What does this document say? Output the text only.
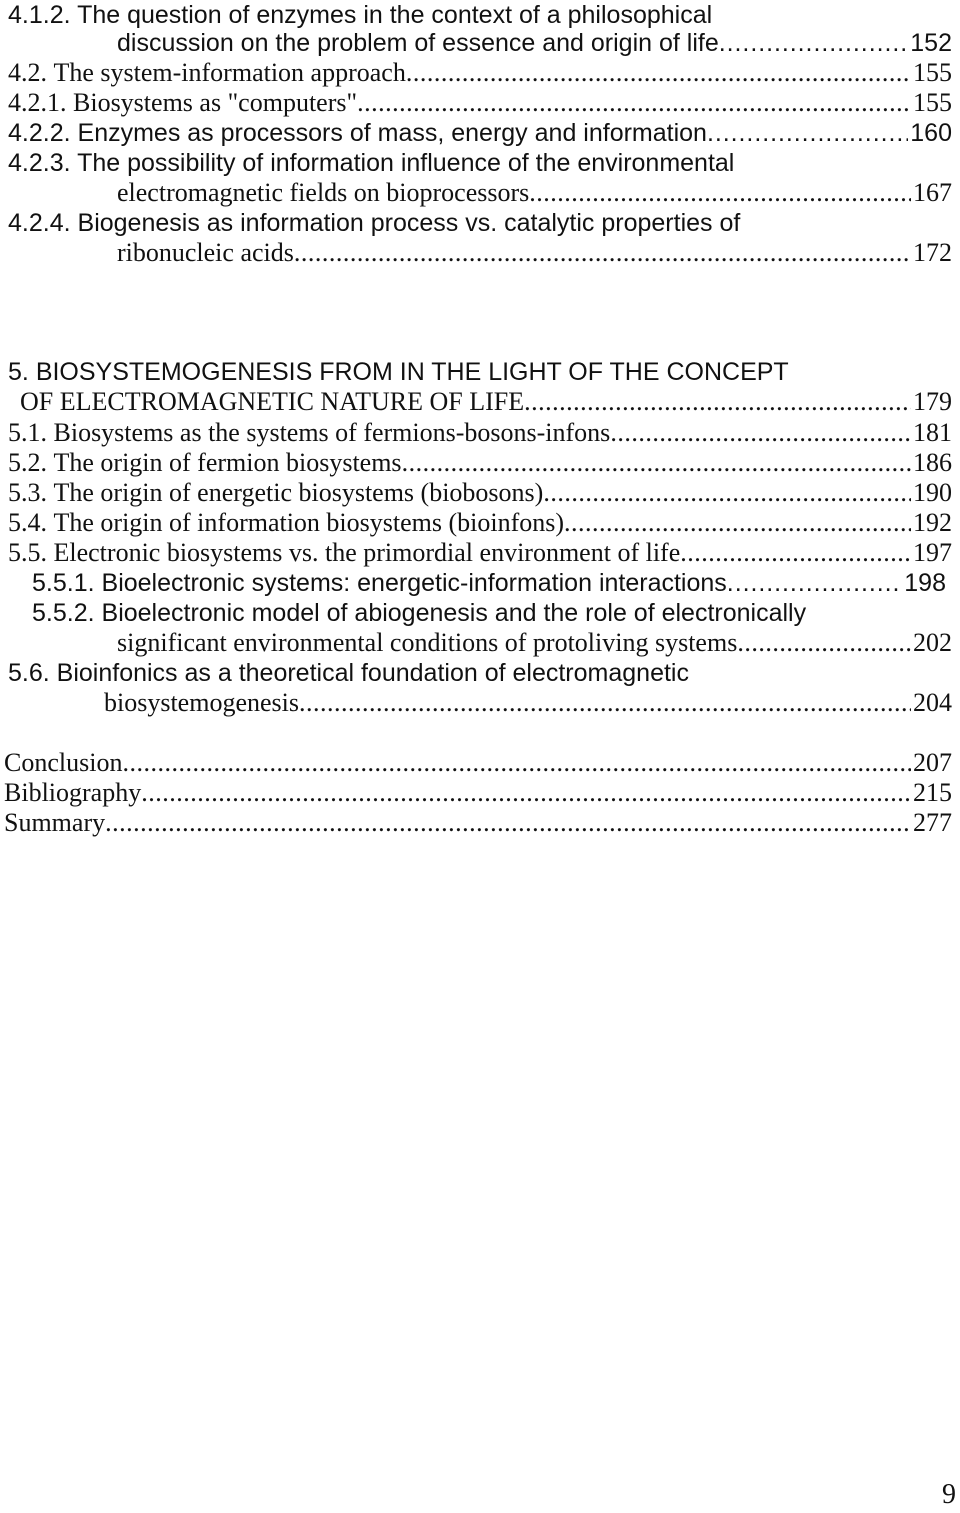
4.1.2. The question of enzymes in the context of a philosophical
discussion on the problem of essence and origin of life . . .	152
4.2.
The system-information approach . . .	155
4.2.1.
Biosystems as "computers" . . .	155
4.2.2.
Enzymes as processors of mass, energy and information . . .	160
4.2.3. The possibility of information influence of the environmental
electromagnetic fields on bioprocessors . . .	167
4.2.4. Biogenesis as information process vs. catalytic properties of
ribonucleic acids . . .	172
5. BIOSYSTEMOGENESIS FROM IN THE LIGHT OF THE CONCEPT
OF ELECTROMAGNETIC NATURE OF LIFE . . .	179
5.1.
Biosystems as the systems of fermions-bosons-infons . . .	181
5.2.
The origin of fermion biosystems . . .	186
5.3.
The origin of energetic biosystems (biobosons) . . .	190
5.4.
The origin of information biosystems (bioinfons) . . .	192
5.5.
Electronic biosystems vs. the primordial environment of life . . .	197
5.5.1.
Bioelectronic systems: energetic-information interactions . . .	198
5.5.2. Bioelectronic model of abiogenesis and the role of electronically
significant environmental conditions of protoliving systems . . .	202
5.6. Bioinfonics as a theoretical foundation of electromagnetic
biosystemogenesis . . .	204
Conclusion . . .	207
Bibliography . . .	215
Summary . . .	277
9
